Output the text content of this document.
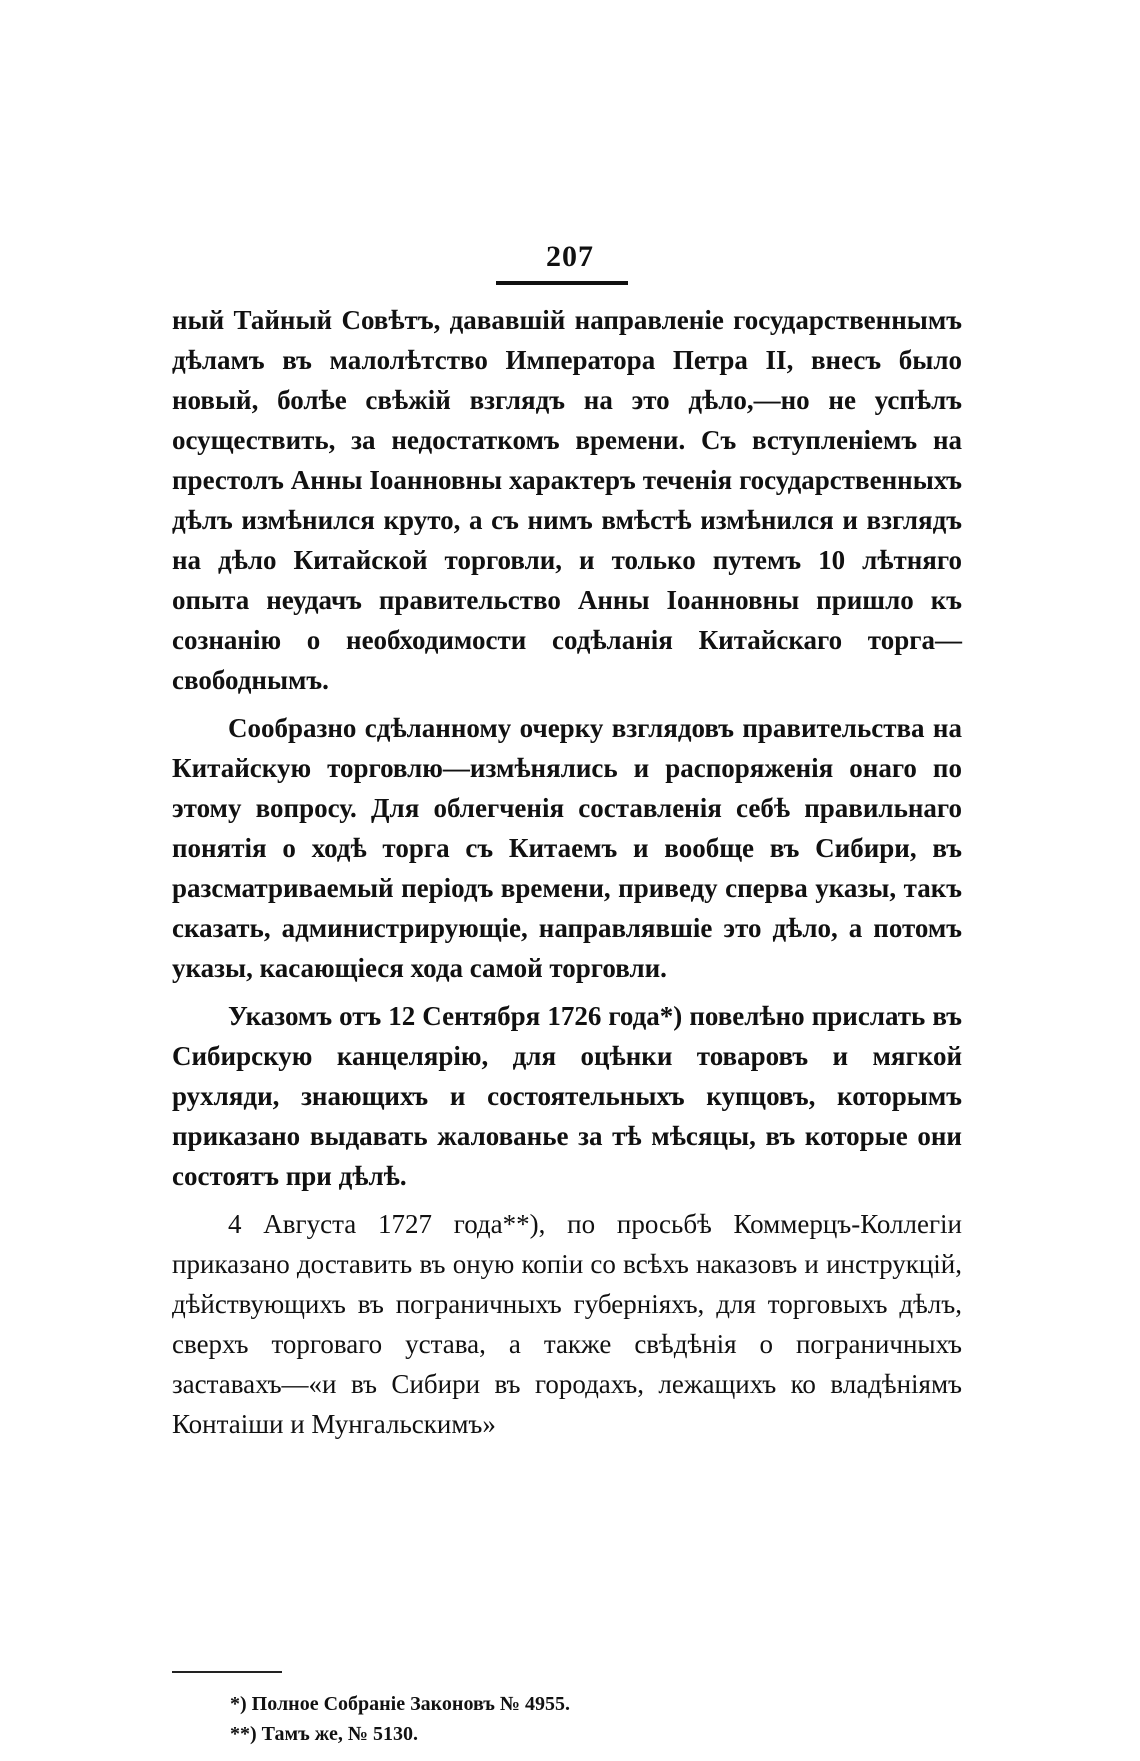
207

ный Тайный Совѣтъ, дававшій направленіе государственнымъ дѣламъ въ малолѣтство Императора Петра II, внесъ было новый, болѣе свѣжій взглядъ на это дѣло,—но не успѣлъ осуществить, за недостаткомъ времени. Съ вступленіемъ на престолъ Анны Іоанновны характеръ теченія государственныхъ дѣлъ измѣнился круто, а съ нимъ вмѣстѣ измѣнился и взглядъ на дѣло Китайской торговли, и только путемъ 10 лѣтняго опыта неудачъ правительство Анны Іоанновны пришло къ сознанію о необходимости содѣланія Китайскаго торга—свободнымъ.

Сообразно сдѣланному очерку взглядовъ правительства на Китайскую торговлю—измѣнялись и распоряженія онаго по этому вопросу. Для облегченія составленія себѣ правильнаго понятія о ходѣ торга съ Китаемъ и вообще въ Сибири, въ разсматриваемый періодъ времени, приведу сперва указы, такъ сказать, администрирующіе, направлявшіе это дѣло, а потомъ указы, касающіеся хода самой торговли.

Указомъ отъ 12 Сентября 1726 года*) повелѣно прислать въ Сибирскую канцелярію, для оцѣнки товаровъ и мягкой рухляди, знающихъ и состоятельныхъ купцовъ, которымъ приказано выдавать жалованье за тѣ мѣсяцы, въ которые они состоятъ при дѣлѣ.

4 Августа 1727 года**), по просьбѣ Коммерцъ-Коллегіи приказано доставить въ оную копіи со всѣхъ наказовъ и инструкцій, дѣйствующихъ въ пограничныхъ губерніяхъ, для торговыхъ дѣлъ, сверхъ торговаго устава, а также свѣдѣнія о пограничныхъ заставахъ—«и въ Сибири въ городахъ, лежащихъ ко владѣніямъ Контаіши и Мунгальскимъ»

*) Полное Собраніе Законовъ № 4955.
**) Тамъ же, № 5130.
